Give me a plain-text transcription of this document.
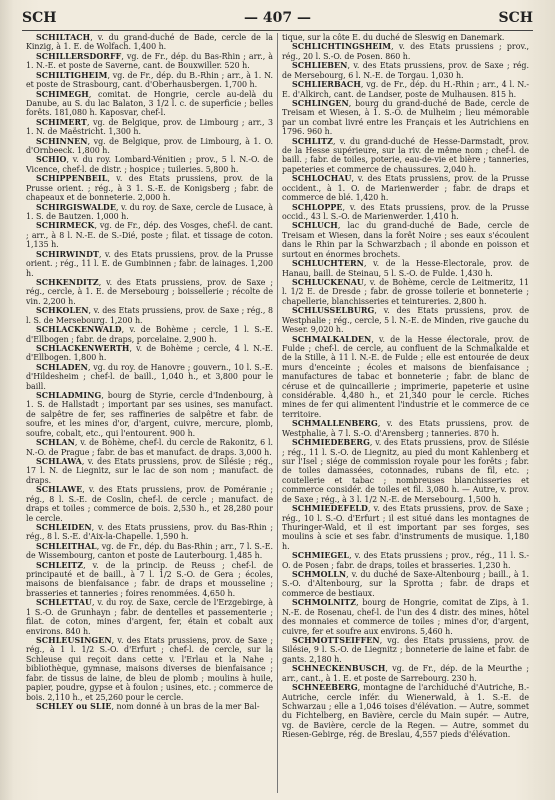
SCH	— 407 —	SCH

SCHILTACH, v. du grand-duché de Bade, cercle de la Kinzig, à 1. E. de Wolfach. 1,400 h.

SCHILLERSDORFF, vg. de Fr., dép. du Bas-Rhin ; arr., à 1. N.-E. et poste de Saverne, cant. de Bouxwiller. 520 h.

SCHILTIGHEIM, vg. de Fr., dép. du B.-Rhin ; arr., à 1. N. et poste de Strasbourg, cant. d'Oberhausbergen. 1,700 h.

SCHIMEGH, comitat. de Hongrie, cercle au-delà du Danube, au S. du lac Balaton, 3 1/2 l. c. de superficie ; belles forêts. 181,080 h. Kaposvar, chef-l.

SCHIMERT, vg. de Belgique, prov. de Limbourg ; arr., 3 1. N. de Maëstricht. 1,300 h.

SCHINNEN, vg. de Belgique, prov. de Limbourg, à 1. O. d'Ornbeeck. 1,800 h.

SCHIO, v. du roy. Lombard-Vénitien ; prov., 5 l. N.-O. de Vicence, chef-l. de distr. ; hospice ; tuileries. 5,800 h.

SCHIPPENBEIL, v. des Etats prussiens, prov. de la Prusse orient. ; rég., à 3 1. S.-E. de Konigsberg ; fabr. de chapeaux et de bonneterie. 2,000 h.

SCHIRGISWALDE, v. du roy. de Saxe, cercle de Lusace, à 1. S. de Bautzen. 1,000 h.

SCHIRMECK, vg. de Fr., dép. des Vosges, chef-l. de cant. ; arr., à 8 l. N.-E. de S.-Dié, poste ; filat. et tissage de coton. 1,135 h.

SCHIRWINDT, v. des Etats prussiens, prov. de la Prusse orient. ; rég., 11 l. E. de Gumbinnen ; fabr. de lainages. 1,200 h.

SCHKENDITZ, v. des Etats prussiens, prov. de Saxe ; rég., cercle, à 1. E. de Mersebourg ; boissellerie ; récolte de vin. 2,200 h.

SCHKOLEN, v. des Etats prussiens, prov. de Saxe ; rég., 8 l. S. de Mersebourg. 1,200 h.

SCHLACKENWALD, v. de Bohème ; cercle, 1 l. S.-E. d'Ellbogen ; fabr. de draps, porcelaine. 2,900 h.

SCHLACKENWERTH, v. de Bohème ; cercle, 4 l. N.-E. d'Ellbogen. 1,800 h.

SCHLADEN, vg. du roy. de Hanovre ; gouvern., 10 l. S.-E. d'Hildesheim ; chef-l. de baill., 1,040 h., et 3,800 pour le baill.

SCHLADMING, bourg de Styrie, cercle d'Indenbourg, à 1. S. de Hallstadt ; important par ses usines, ses manufact. de salpêtre de fer, ses raffineries de salpêtre et fabr. de soufre, et les mines d'or, d'argent, cuivre, mercure, plomb, soufre, cobalt, etc., qui l'entourent. 900 h.

SCHLAN, v. de Bohème, chef-l. du cercle de Rakonitz, 6 l. N.-O. de Prague ; fabr. de bas et manufact. de draps. 3,000 h.

SCHLAWA, v. des Etats prussiens, prov. de Silésie ; rég., 17 l. N. de Liegnitz, sur le lac de son nom ; manufact. de draps.

SCHLAWE, v. des Etats prussiens, prov. de Poméranie ; rég., 8 l. S.-E. de Coslin, chef-l. de cercle ; manufact. de draps et toiles ; commerce de bois. 2,530 h., et 28,280 pour le cercle.

SCHLEIDEN, v. des Etats prussiens, prov. du Bas-Rhin ; rég., 8 l. S.-E. d'Aix-la-Chapelle. 1,590 h.

SCHLEITHAL, vg. de Fr., dép. du Bas-Rhin ; arr., 7 l. S.-E. de Wissembourg, canton et poste de Lauterbourg. 1,485 h.

SCHLEITZ, v. de la princip. de Reuss ; chef-l. de principauté et de baill., à 7 l. 1/2 S.-O. de Gera ; écoles, maisons de bienfaisance ; fabr. de draps et mousseline ; brasseries et tanneries ; foires renommées. 4,650 h.

SCHLETTAU, v. du roy. de Saxe, cercle de l'Erzgebirge, à 1 S.-O. de Grunhayn ; fabr. de dentelles et passementerie ; filat. de coton, mines d'argent, fer, étain et cobalt aux environs. 840 h.

SCHLEUSINGEN, v. des Etats prussiens, prov. de Saxe ; rég., à 1 l. 1/2 S.-O. d'Erfurt ; chef-l. de cercle, sur la Schleuse qui reçoit dans cette v. l'Erlau et la Nahe ; bibliothèque, gymnase, maisons diverses de bienfaisance ; fabr. de tissus de laine, de bleu de plomb ; moulins à huile, papier, poudre, gypse et à foulon ; usines, etc. ; commerce de bois. 2,110 h., et 25,260 pour le cercle.

SCHLEY ou SLIE, nom donné à un bras de la mer Bal-

tique, sur la côte E. du duché de Sleswig en Danemark.

SCHLICHTINGSHEIM, v. des Etats prussiens ; prov., rég., 20 l. S.-O. de Posen. 860 h.

SCHLIEBEN, v. des Etats prussiens, prov. de Saxe ; rég. de Mersebourg, 6 l. N.-E. de Torgau. 1,030 h.

SCHLIERBACH, vg. de Fr., dép. du H.-Rhin ; arr., 4 l. N.-E. d'Alkirch, cant. de Landser, poste de Mulhausen. 815 h.

SCHLINGEN, bourg du grand-duché de Bade, cercle de Treisam et Wiesen, à 1. S.-O. de Mulheim ; lieu mémorable par un combat livré entre les Français et les Autrichiens en 1796. 960 h.

SCHLITZ, v. du grand-duché de Hesse-Darmstadt, prov. de la Hesse supérieure, sur la riv. de même nom ; chef-l. de baill. ; fabr. de toiles, poterie, eau-de-vie et bière ; tanneries, papeteries et commerce de chaussures. 2,040 h.

SCHLOCHAU, v. des Etats prussiens, prov. de la Prusse occident., à 1. O. de Marienwerder ; fabr. de draps et commerce de blé. 1,420 h.

SCHLOPPE, v. des Etats prussiens, prov. de la Prusse occid., 43 l. S.-O. de Marienwerder. 1,410 h.

SCHLUCH, lac du grand-duché de Bade, cercle de Treisam et Wiesen, dans la forêt Noire ; ses eaux s'écoulent dans le Rhin par la Schwarzbach ; il abonde en poisson et surtout en énormes brochets.

SCHLUCHTERN, v. de la Hesse-Electorale, prov. de Hanau, baill. de Steinau, 5 l. S.-O. de Fulde. 1,430 h.

SCHLUCKENAU, v. de Bohème, cercle de Leitmeritz, 11 l. 1/2 E. de Dresde ; fabr. de grosse toilerie et bonneterie ; chapellerie, blanchisseries et teintureries. 2,800 h.

SCHLUSSELBURG, v. des Etats prussiens, prov. de Westphalie ; rég., cercle, 5 l. N.-E. de Minden, rive gauche du Weser. 9,020 h.

SCHMALKALDEN, v. de la Hesse électorale, prov. de Fulde ; chef-l. de cercle, au confluent de la Schmalkalde et de la Stille, à 11 l. N.-E. de Fulde ; elle est entourée de deux murs d'enceinte ; écoles et maisons de bienfaisance ; manufactures de tabac et bonneterie ; fabr. de blanc de céruse et de quincaillerie ; imprimerie, papeterie et usine considérable. 4,480 h., et 21,340 pour le cercle. Riches mines de fer qui alimentent l'industrie et le commerce de ce territoire.

SCHMALLENBERG, v. des Etats prussiens, prov. de Westphalie, à 7 l. S.-O. d'Arensberg ; tanneries. 870 h.

SCHMIEDEBERG, v. des Etats prussiens, prov. de Silésie ; rég., 11 l. S.-O. de Liegnitz, au pied du mont Kahlenberg et sur l'Isel ; siége de commission royale pour les forêts ; fabr. de toiles damassées, cotonnades, rubans de fil, etc. ; coutellerie et tabac ; nombreuses blanchisseries et commerce considér. de toiles et fil. 3,080 h. — Autre, v. prov. de Saxe ; rég., à 3 l. 1/2 N.-E. de Mersebourg. 1,500 h.

SCHMIEDEFELD, v. des Etats prussiens, prov. de Saxe ; rég., 10 l. S.-O. d'Erfurt ; il est situé dans les montagnes de Thuringer-Wald, et il est important par ses forges, ses moulins à scie et ses fabr. d'instruments de musique. 1,180 h.

SCHMIEGEL, v. des Etats prussiens ; prov., rég., 11 l. S.-O. de Posen ; fabr. de draps, toiles et brasseries. 1,230 h.

SCHMOLLN, v. du duché de Saxe-Altenbourg ; baill., à 1. S.-O. d'Altenbourg, sur la Sprotta ; fabr. de draps et commerce de bestiaux.

SCHMOLNITZ, bourg de Hongrie, comitat de Zips, à 1. N.-E. de Rosenau, chef-l. de l'un des 4 distr. des mines, hôtel des monnaies et commerce de toiles ; mines d'or, d'argent, cuivre, fer et soufre aux environs. 5,460 h.

SCHMOTTSEIFFEN, vg. des Etats prussiens, prov. de Silésie, 9 l. S.-O. de Liegnitz ; bonneterie de laine et fabr. de gants. 2,180 h.

SCHNECKENBUSCH, vg. de Fr., dép. de la Meurthe ; arr., cant., à 1. E. et poste de Sarrebourg. 230 h.

SCHNEEBERG, montagne de l'archiduché d'Autriche, B.-Autriche, cercle infér. du Wienerwald, à 1. S.-E. de Schwarzau ; elle a 1,046 toises d'élévation. — Autre, sommet du Fichtelberg, en Bavière, cercle du Main supér. — Autre, vg. de Bavière, cercle de la Regen. — Autre, sommet du Riesen-Gebirge, rég. de Breslau, 4,557 pieds d'élévation.
